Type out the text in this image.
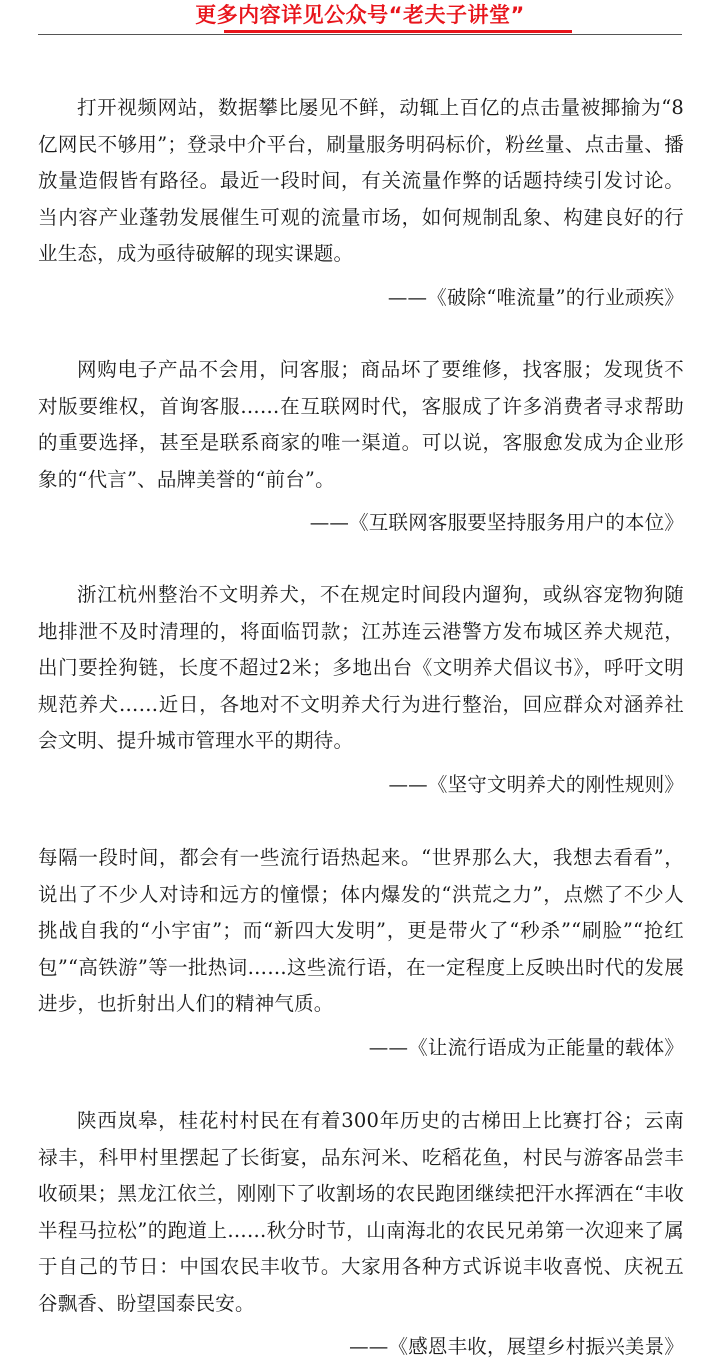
更多内容详见公众号“老夫子讲堂”

打开视频网站，数据攀比屡见不鲜，动辄上百亿的点击量被揶揄为“8亿网民不够用”；登录中介平台，刷量服务明码标价，粉丝量、点击量、播放量造假皆有路径。最近一段时间，有关流量作弊的话题持续引发讨论。当内容产业蓬勃发展催生可观的流量市场，如何规制乱象、构建良好的行业生态，成为亟待破解的现实课题。

——《破除“唯流量”的行业顽疾》

网购电子产品不会用，问客服；商品坏了要维修，找客服；发现货不对版要维权，首询客服……在互联网时代，客服成了许多消费者寻求帮助的重要选择，甚至是联系商家的唯一渠道。可以说，客服愈发成为企业形象的“代言”、品牌美誉的“前台”。

——《互联网客服要坚持服务用户的本位》

浙江杭州整治不文明养犬，不在规定时间段内遛狗，或纵容宠物狗随地排泄不及时清理的，将面临罚款；江苏连云港警方发布城区养犬规范，出门要拴狗链，长度不超过2米；多地出台《文明养犬倡议书》，呼吁文明规范养犬……近日，各地对不文明养犬行为进行整治，回应群众对涵养社会文明、提升城市管理水平的期待。

——《坚守文明养犬的刚性规则》

每隔一段时间，都会有一些流行语热起来。“世界那么大，我想去看看”，说出了不少人对诗和远方的憧憬；体内爆发的“洪荒之力”，点燃了不少人挑战自我的“小宇宙”；而“新四大发明”，更是带火了“秒杀”“刷脸”“抢红包”“高铁游”等一批热词……这些流行语，在一定程度上反映出时代的发展进步，也折射出人们的精神气质。

——《让流行语成为正能量的载体》

陕西岚皋，桂花村村民在有着300年历史的古梯田上比赛打谷；云南禄丰，科甲村里摆起了长街宴，品东河米、吃稻花鱼，村民与游客品尝丰收硕果；黑龙江依兰，刚刚下了收割场的农民跑团继续把汗水挥洒在“丰收半程马拉松”的跑道上……秋分时节，山南海北的农民兄弟第一次迎来了属于自己的节日：中国农民丰收节。大家用各种方式诉说丰收喜悦、庆祝五谷飘香、盼望国泰民安。

——《感恩丰收，展望乡村振兴美景》
